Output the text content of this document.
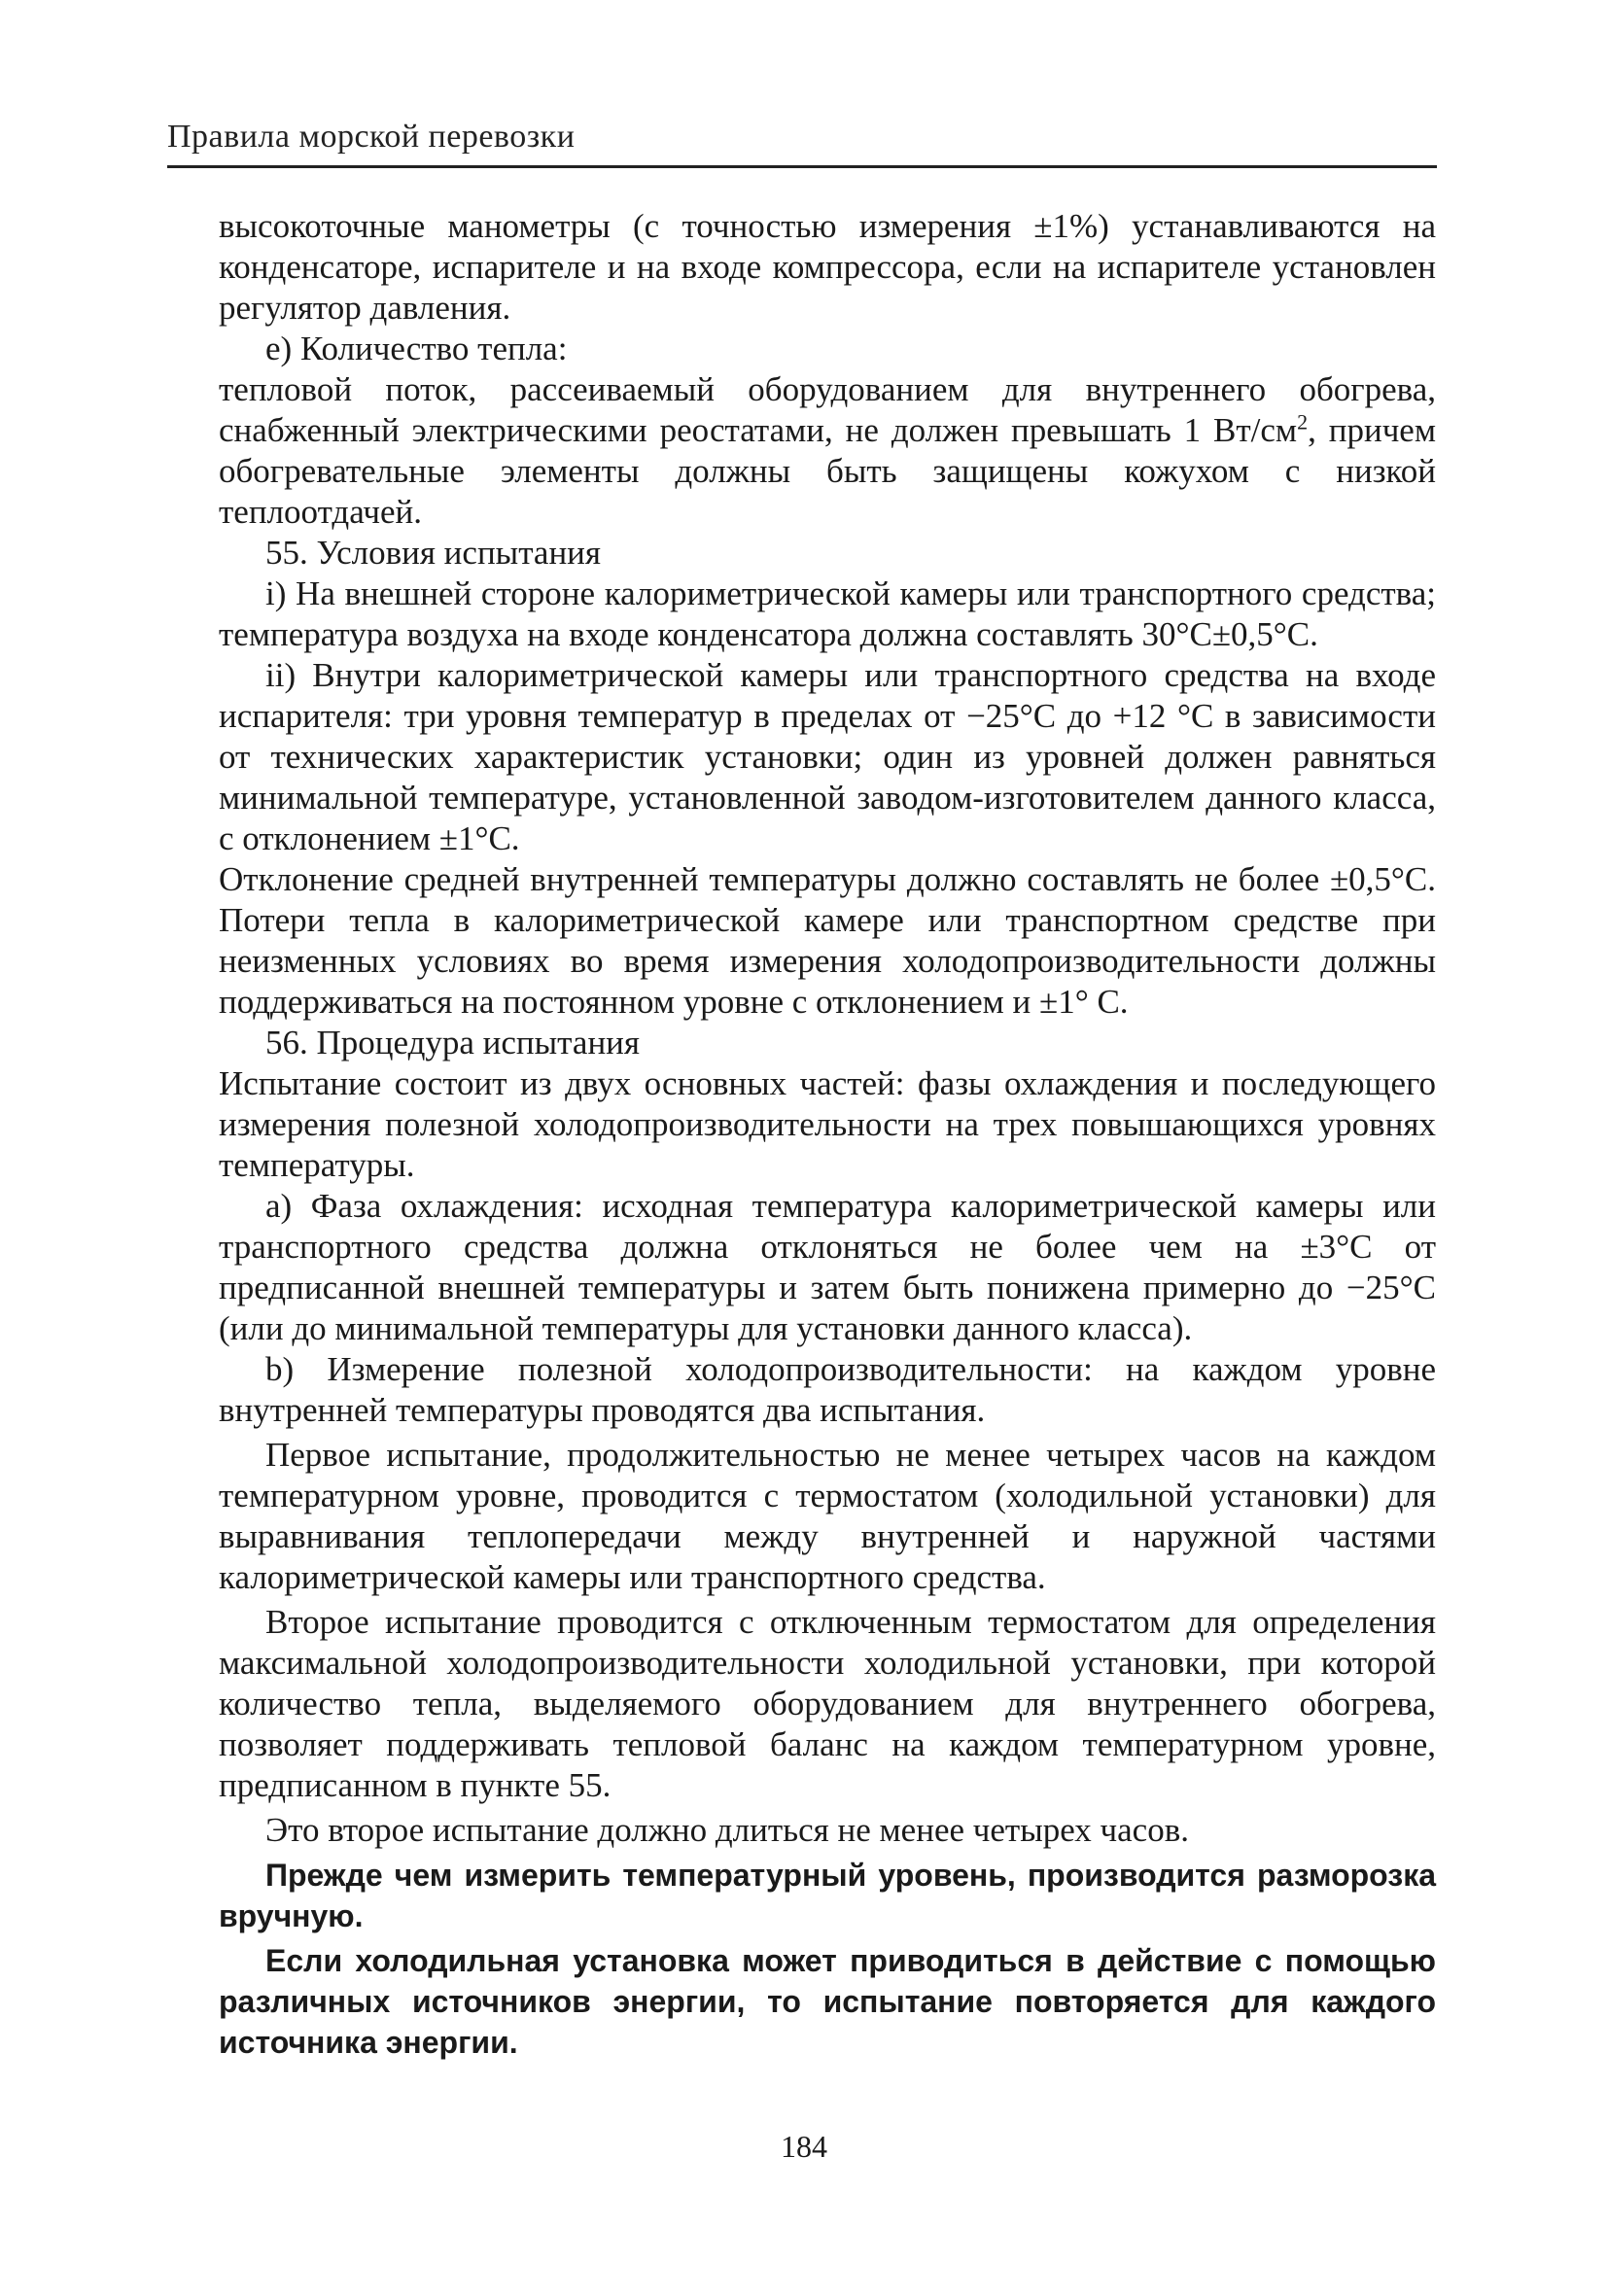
Правила морской перевозки

высокоточные манометры (с точностью измерения ±1%) устанавливаются на конденсаторе, испарителе и на входе компрессора, если на испарителе установлен регулятор давления.

e) Количество тепла:

тепловой поток, рассеиваемый оборудованием для внутреннего обогрева, снабженный электрическими реостатами, не должен превышать 1 $Вт/см^2$, причем обогревательные элементы должны быть защищены кожухом с низкой теплоотдачей.

55. Условия испытания

i) На внешней стороне калориметрической камеры или транспортного средства; температура воздуха на входе конденсатора должна составлять 30°С±0,5°С.

ii) Внутри калориметрической камеры или транспортного средства на входе испарителя: три уровня температур в пределах от −25°С до +12 °С в зависимости от технических характеристик установки; один из уровней должен равняться минимальной температуре, установленной заводом-изготовителем данного класса, с отклонением ±1°С.

Отклонение средней внутренней температуры должно составлять не более ±0,5°С. Потери тепла в калориметрической камере или транспортном средстве при неизменных условиях во время измерения холодопроизводительности должны поддерживаться на постоянном уровне с отклонением и ±1° С.

56. Процедура испытания

Испытание состоит из двух основных частей: фазы охлаждения и последующего измерения полезной холодопроизводительности на трех повышающихся уровнях температуры.

а) Фаза охлаждения: исходная температура калориметрической камеры или транспортного средства должна отклоняться не более чем на ±3°С от предписанной внешней температуры и затем быть понижена примерно до −25°С (или до минимальной температуры для установки данного класса).

b) Измерение полезной холодопроизводительности: на каждом уровне внутренней температуры проводятся два испытания.

Первое испытание, продолжительностью не менее четырех часов на каждом температурном уровне, проводится с термостатом (холодильной установки) для выравнивания теплопередачи между внутренней и наружной частями калориметрической камеры или транспортного средства.

Второе испытание проводится с отключенным термостатом для определения максимальной холодопроизводительности холодильной установки, при которой количество тепла, выделяемого оборудованием для внутреннего обогрева, позволяет поддерживать тепловой баланс на каждом температурном уровне, предписанном в пункте 55.

Это второе испытание должно длиться не менее четырех часов.

Прежде чем измерить температурный уровень, производится разморозка вручную.

Если холодильная установка может приводиться в действие с помощью различных источников энергии, то испытание повторяется для каждого источника энергии.

184
